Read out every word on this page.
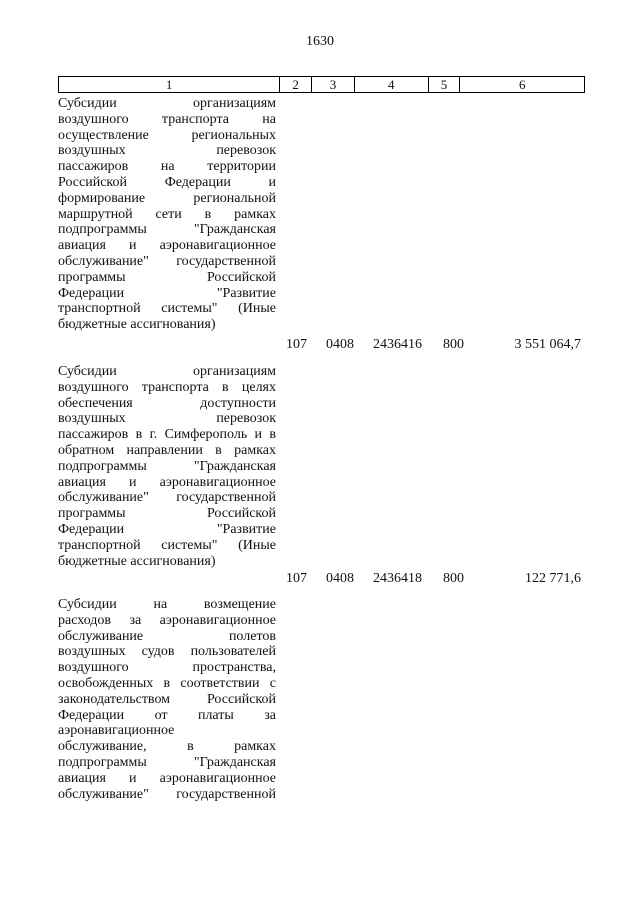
1630
1	2	3	4	5	6
Субсидии организациям
воздушного транспорта на
осуществление региональных
воздушных перевозок
пассажиров на территории
Российской Федерации и
формирование региональной
маршрутной сети в рамках
подпрограммы "Гражданская
авиация и аэронавигационное
обслуживание" государственной
программы Российской
Федерации "Развитие
транспортной системы" (Иные
бюджетные ассигнования)
107 0408 2436416 800	3 551 064,7
Субсидии организациям
воздушного транспорта в целях
обеспечения доступности
воздушных перевозок
пассажиров в г. Симферополь и в
обратном направлении в рамках
подпрограммы "Гражданская
авиация и аэронавигационное
обслуживание" государственной
программы Российской
Федерации "Развитие
транспортной системы" (Иные
бюджетные ассигнования)
107 0408 2436418 800	122 771,6
Субсидии на возмещение
расходов за аэронавигационное
обслуживание полетов
воздушных судов пользователей
воздушного пространства,
освобожденных в соответствии с
законодательством Российской
Федерации от платы за
аэронавигационное
обслуживание, в рамках
подпрограммы "Гражданская
авиация и аэронавигационное
обслуживание" государственной
